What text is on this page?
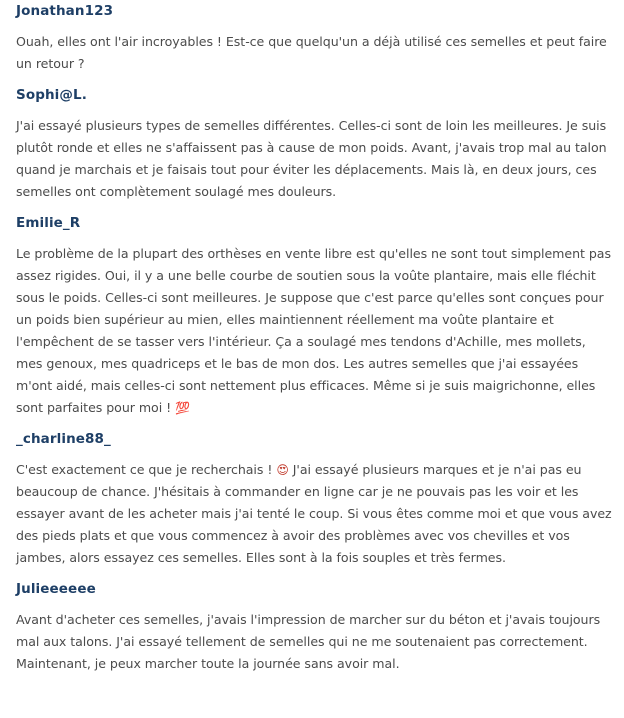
Jonathan123

Ouah, elles ont l'air incroyables ! Est-ce que quelqu'un a déjà utilisé ces semelles et peut faire un retour ?

Sophi@L.

J'ai essayé plusieurs types de semelles différentes. Celles-ci sont de loin les meilleures. Je suis plutôt ronde et elles ne s'affaissent pas à cause de mon poids. Avant, j'avais trop mal au talon quand je marchais et je faisais tout pour éviter les déplacements. Mais là, en deux jours, ces semelles ont complètement soulagé mes douleurs.

Emilie_R

Le problème de la plupart des orthèses en vente libre est qu'elles ne sont tout simplement pas assez rigides. Oui, il y a une belle courbe de soutien sous la voûte plantaire, mais elle fléchit sous le poids. Celles-ci sont meilleures. Je suppose que c'est parce qu'elles sont conçues pour un poids bien supérieur au mien, elles maintiennent réellement ma voûte plantaire et l'empêchent de se tasser vers l'intérieur. Ça a soulagé mes tendons d'Achille, mes mollets, mes genoux, mes quadriceps et le bas de mon dos. Les autres semelles que j'ai essayées m'ont aidé, mais celles-ci sont nettement plus efficaces. Même si je suis maigrichonne, elles sont parfaites pour moi ! 💯

_charline88_

C'est exactement ce que je recherchais ! 😍 J'ai essayé plusieurs marques et je n'ai pas eu beaucoup de chance. J'hésitais à commander en ligne car je ne pouvais pas les voir et les essayer avant de les acheter mais j'ai tenté le coup. Si vous êtes comme moi et que vous avez des pieds plats et que vous commencez à avoir des problèmes avec vos chevilles et vos jambes, alors essayez ces semelles. Elles sont à la fois souples et très fermes.

Julieeeeee

Avant d'acheter ces semelles, j'avais l'impression de marcher sur du béton et j'avais toujours mal aux talons. J'ai essayé tellement de semelles qui ne me soutenaient pas correctement. Maintenant, je peux marcher toute la journée sans avoir mal.
